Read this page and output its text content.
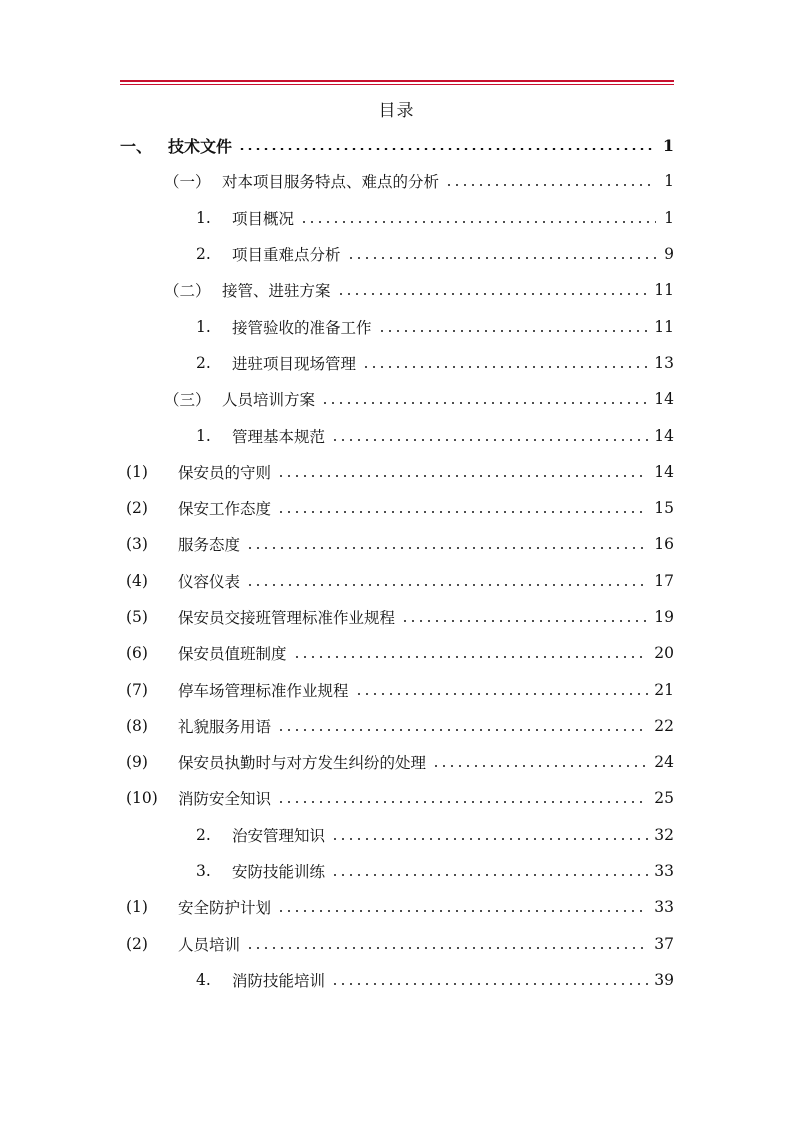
目录
一、 技术文件	1
（一） 对本项目服务特点、难点的分析	1
1.	项目概况	1
2.	项目重难点分析	9
（二） 接管、进驻方案	11
1.	接管验收的准备工作	11
2.	进驻项目现场管理	13
（三） 人员培训方案	14
1.	管理基本规范	14
(1)	保安员的守则	14
(2)	保安工作态度	15
(3)	服务态度	16
(4)	仪容仪表	17
(5)	保安员交接班管理标准作业规程	19
(6)	保安员值班制度	20
(7)	停车场管理标准作业规程	21
(8)	礼貌服务用语	22
(9)	保安员执勤时与对方发生纠纷的处理	24
(10)	消防安全知识	25
2.	治安管理知识	32
3.	安防技能训练	33
(1)	安全防护计划	33
(2)	人员培训	37
4.	消防技能培训	39
